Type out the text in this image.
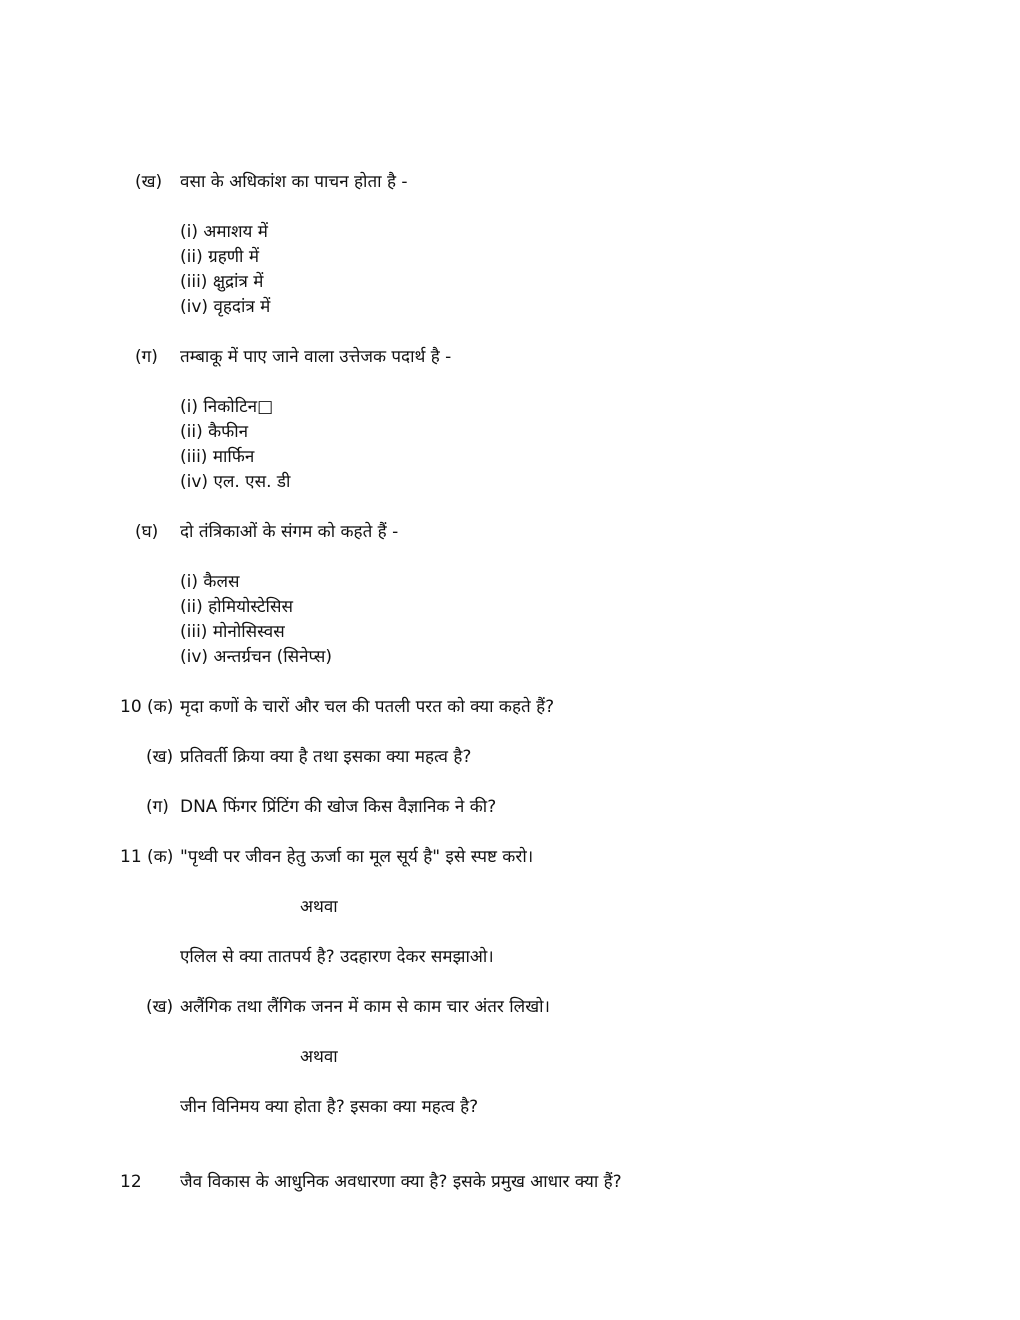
(ख) वसा के अधिकांश का पाचन होता है -
(i) अमाशय में
(ii) ग्रहणी में
(iii) क्षुद्रांत्र में
(iv) वृहदांत्र में
(ग) तम्बाकू में पाए जाने वाला उत्तेजक पदार्थ है -
(i) निकोटिन□
(ii) कैफीन
(iii) मार्फिन
(iv) एल. एस. डी
(घ) दो तंत्रिकाओं के संगम को कहते हैं -
(i) कैलस
(ii) होमियोस्टेसिस
(iii) मोनोसिस्वस
(iv) अन्तर्ग्रचन (सिनेप्स)
10 (क) मृदा कणों के चारों और चल की पतली परत को क्या कहते हैं?
(ख) प्रतिवर्ती क्रिया क्या है तथा इसका क्या महत्व है?
(ग) DNA फिंगर प्रिंटिंग की खोज किस वैज्ञानिक ने की?
11 (क) "पृथ्वी पर जीवन हेतु ऊर्जा का मूल सूर्य है" इसे स्पष्ट करो।
अथवा
एलिल से क्या तातपर्य है? उदहारण देकर समझाओ।
(ख) अलैंगिक तथा लैंगिक जनन में काम से काम चार अंतर लिखो।
अथवा
जीन विनिमय क्या होता है? इसका क्या महत्व है?
12 जैव विकास के आधुनिक अवधारणा क्या है? इसके प्रमुख आधार क्या हैं?
